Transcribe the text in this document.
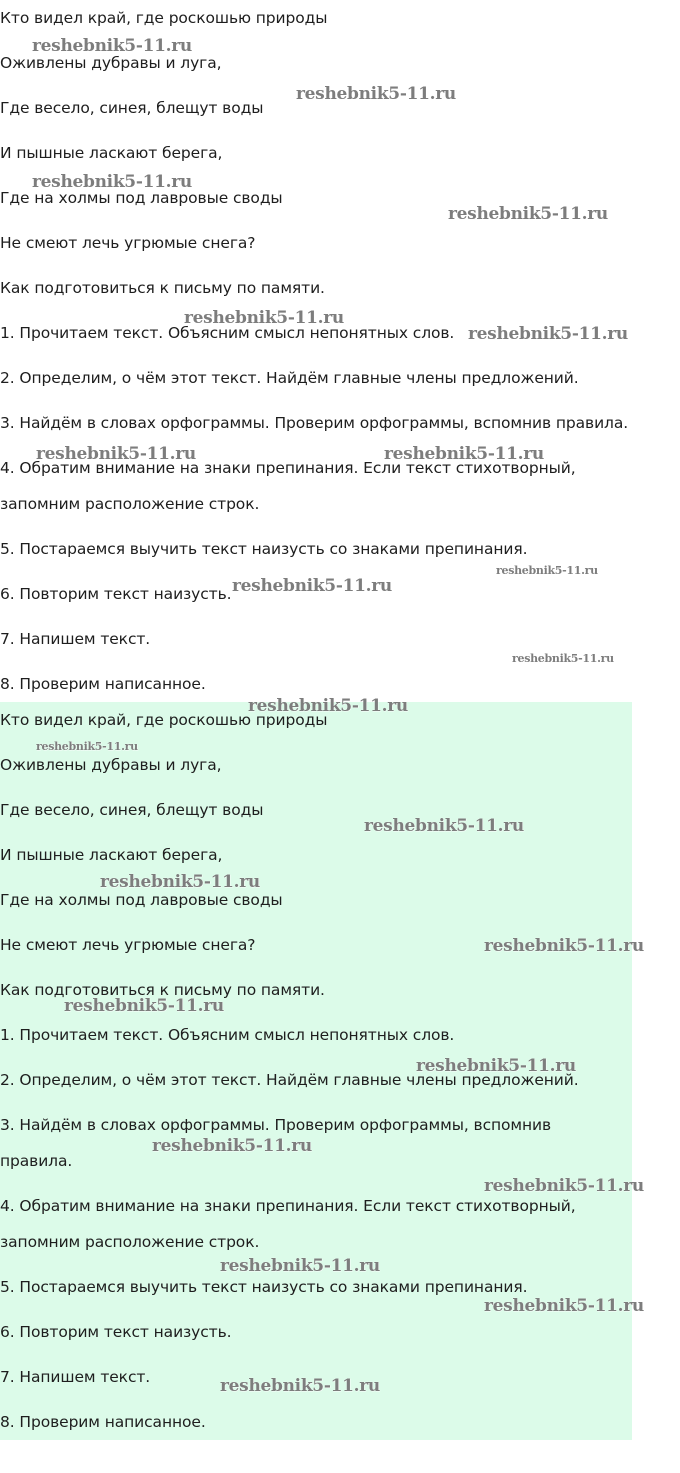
Кто видел край, где роскошью природы
Оживлены дубравы и луга,
Где весело, синея, блещут воды
И пышные ласкают берега,
Где на холмы под лавровые своды
Не смеют лечь угрюмые снега?
Как подготовиться к письму по памяти.
1. Прочитаем текст. Объясним смысл непонятных слов.
2. Определим, о чём этот текст. Найдём главные члены предложений.
3. Найдём в словах орфограммы. Проверим орфограммы, вспомнив правила.
4. Обратим внимание на знаки препинания. Если текст стихотворный,
запомним расположение строк.
5. Постараемся выучить текст наизусть со знаками препинания.
6. Повторим текст наизусть.
7. Напишем текст.
8. Проверим написанное.
Кто видел край, где роскошью природы
Оживлены дубравы и луга,
Где весело, синея, блещут воды
И пышные ласкают берега,
Где на холмы под лавровые своды
Не смеют лечь угрюмые снега?
Как подготовиться к письму по памяти.
1. Прочитаем текст. Объясним смысл непонятных слов.
2. Определим, о чём этот текст. Найдём главные члены предложений.
3. Найдём в словах орфограммы. Проверим орфограммы, вспомнив
правила.
4. Обратим внимание на знаки препинания. Если текст стихотворный,
запомним расположение строк.
5. Постараемся выучить текст наизусть со знаками препинания.
6. Повторим текст наизусть.
7. Напишем текст.
8. Проверим написанное.
reshebnik5-11.ru
reshebnik5-11.ru
reshebnik5-11.ru
reshebnik5-11.ru
reshebnik5-11.ru
reshebnik5-11.ru
reshebnik5-11.ru	reshebnik5-11.ru
reshebnik5-11.ru
reshebnik5-11.ru
reshebnik5-11.ru
reshebnik5-11.ru
reshebnik5-11.ru
reshebnik5-11.ru
reshebnik5-11.ru
reshebnik5-11.ru
reshebnik5-11.ru
reshebnik5-11.ru
reshebnik5-11.ru
reshebnik5-11.ru
reshebnik5-11.ru
reshebnik5-11.ru
reshebnik5-11.ru
